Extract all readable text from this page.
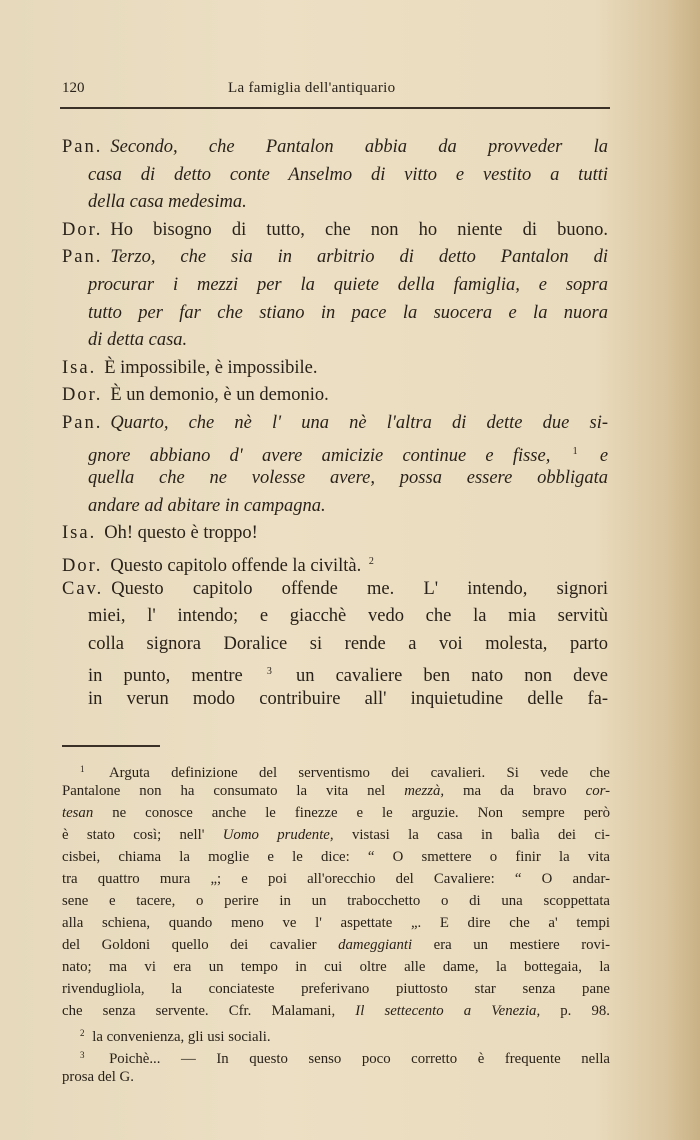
120	La famiglia dell'antiquario
Pan. Secondo, che Pantalon abbia da provveder la
casa di detto conte Anselmo di vitto e vestito a tutti
della casa medesima.
Dor. Ho bisogno di tutto, che non ho niente di buono.
Pan. Terzo, che sia in arbitrio di detto Pantalon di
procurar i mezzi per la quiete della famiglia, e sopra
tutto per far che stiano in pace la suocera e la nuora
di detta casa.
Isa. È impossibile, è impossibile.
Dor. È un demonio, è un demonio.
Pan. Quarto, che nè l' una nè l'altra di dette due si-
gnore abbiano d' avere amicizie continue e fisse, $^1$ e
quella che ne volesse avere, possa essere obbligata
andare ad abitare in campagna.
Isa. Oh! questo è troppo!
Dor. Questo capitolo offende la civiltà. $^2$
Cav. Questo capitolo offende me. L' intendo, signori
miei, l' intendo; e giacchè vedo che la mia servitù
colla signora Doralice si rende a voi molesta, parto
in punto, mentre $^3$ un cavaliere ben nato non deve
in verun modo contribuire all' inquietudine delle fa-
$^1$ Arguta definizione del serventismo dei cavalieri. Si vede che
Pantalone non ha consumato la vita nel mezzà, ma da bravo cor-
tesan ne conosce anche le finezze e le arguzie. Non sempre però
è stato così; nell' Uomo prudente, vistasi la casa in balìa dei ci-
cisbei, chiama la moglie e le dice: “ O smettere o finir la vita
tra quattro mura „; e poi all'orecchio del Cavaliere: “ O andar-
sene e tacere, o perire in un trabocchetto o di una scoppettata
alla schiena, quando meno ve l' aspettate „. E dire che a' tempi
del Goldoni quello dei cavalier dameggianti era un mestiere rovi-
nato; ma vi era un tempo in cui oltre alle dame, la bottegaia, la
rivendugliola, la conciateste preferivano piuttosto star senza pane
che senza servente. Cfr. Malamani, Il settecento a Venezia, p. 98.
$^2$ la convenienza, gli usi sociali.
$^3$ Poichè... — In questo senso poco corretto è frequente nella
prosa del G.
